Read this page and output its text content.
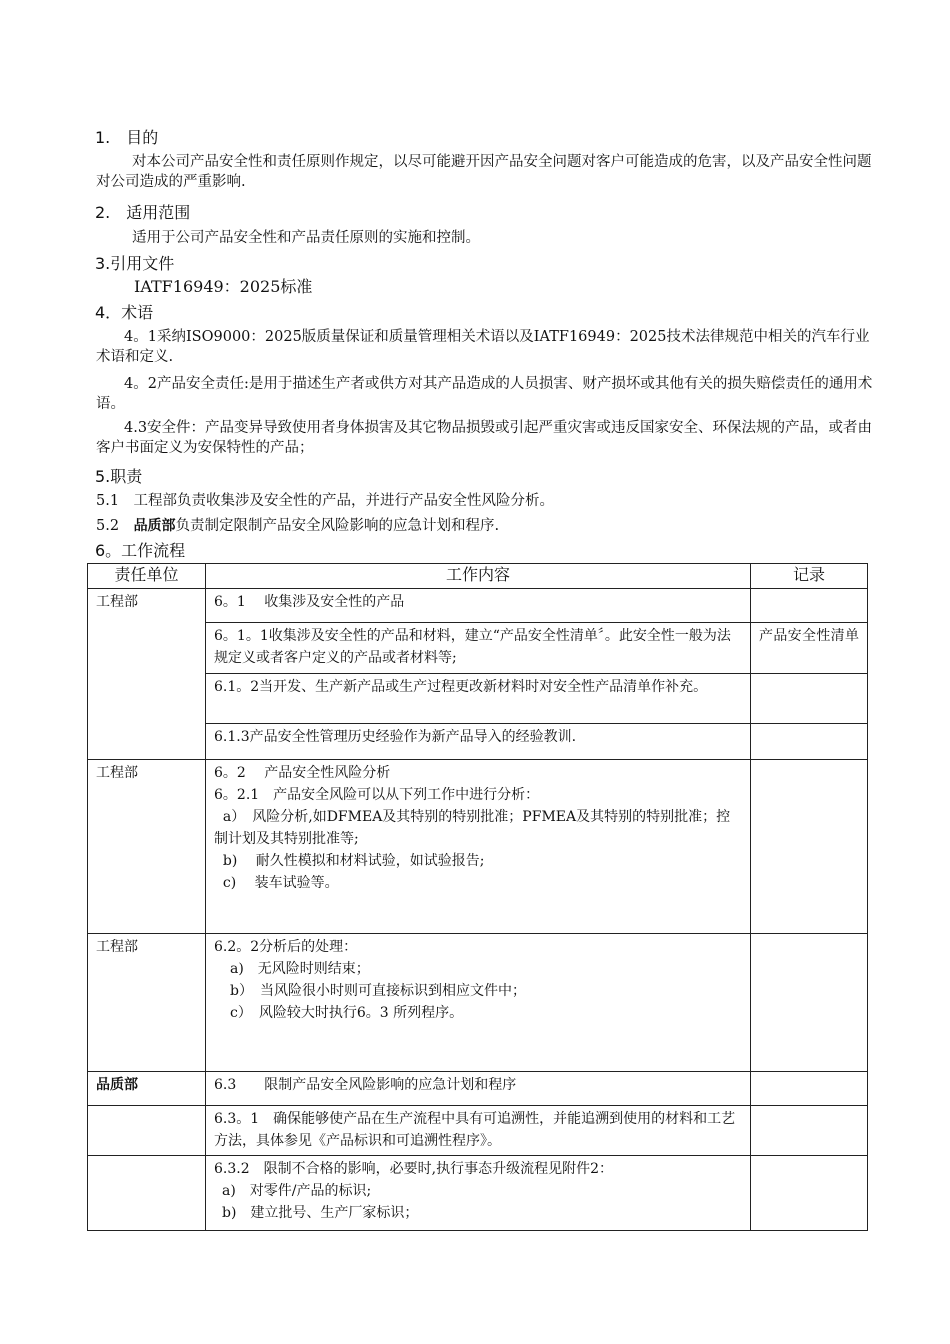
1.　目的
对本公司产品安全性和责任原则作规定，以尽可能避开因产品安全问题对客户可能造成的危害，以及产品安全性问题对公司造成的严重影响.
2.　适用范围
适用于公司产品安全性和产品责任原则的实施和控制。
3.引用文件
IATF16949：2025标准
4．术语
4。1采纳ISO9000：2025版质量保证和质量管理相关术语以及IATF16949：2025技术法律规范中相关的汽车行业术语和定义.
4。2产品安全责任:是用于描述生产者或供方对其产品造成的人员损害、财产损坏或其他有关的损失赔偿责任的通用术语。
4.3安全件：产品变异导致使用者身体损害及其它物品损毁或引起严重灾害或违反国家安全、环保法规的产品，或者由客户书面定义为安保特性的产品；
5.职责
5.1　工程部负责收集涉及安全性的产品，并进行产品安全性风险分析。
5.2　品质部负责制定限制产品安全风险影响的应急计划和程序.
6。工作流程
责任单位	工作内容	记录
工程部	6。1　 收集涉及安全性的产品	
	6。1。1收集涉及安全性的产品和材料，建立“产品安全性清单〞。此安全性一般为法规定义或者客户定义的产品或者材料等;	产品安全性清单
	6.1。2当开发、生产新产品或生产过程更改新材料时对安全性产品清单作补充。	
	6.1.3产品安全性管理历史经验作为新产品导入的经验教训.	
工程部	6。2　 产品安全性风险分析
6。2.1　产品安全风险可以从下列工作中进行分析：
a）　风险分析,如DFMEA及其特别的特别批准；PFMEA及其特别的特别批准；控制计划及其特别批准等;
b)　 耐久性模拟和材料试验，如试验报告;
c)　 装车试验等。	

工程部	6.2。2分析后的处理：
a)　无风险时则结束；
b）　当风险很小时则可直接标识到相应文件中；
c）　风险较大时执行6。3 所列程序。	

品质部	6.3　　限制产品安全风险影响的应急计划和程序	
	6.3。1　确保能够使产品在生产流程中具有可追溯性，并能追溯到使用的材料和工艺方法，具体参见《产品标识和可追溯性程序》。	

	6.3.2　限制不合格的影响，必要时,执行事态升级流程见附件2：
a)　对零件/产品的标识;
b)　建立批号、生产厂家标识；	
